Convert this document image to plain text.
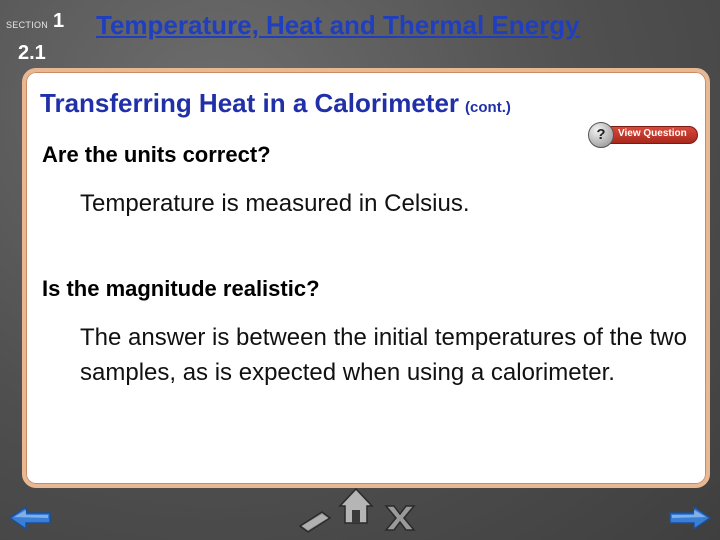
SECTION 1
2.1
Temperature, Heat and Thermal Energy
Transferring Heat in a Calorimeter (cont.)
View Question
?
Are the units correct?
Temperature is measured in Celsius.
Is the magnitude realistic?
The answer is between the initial temperatures of the two samples, as is expected when using a calorimeter.
